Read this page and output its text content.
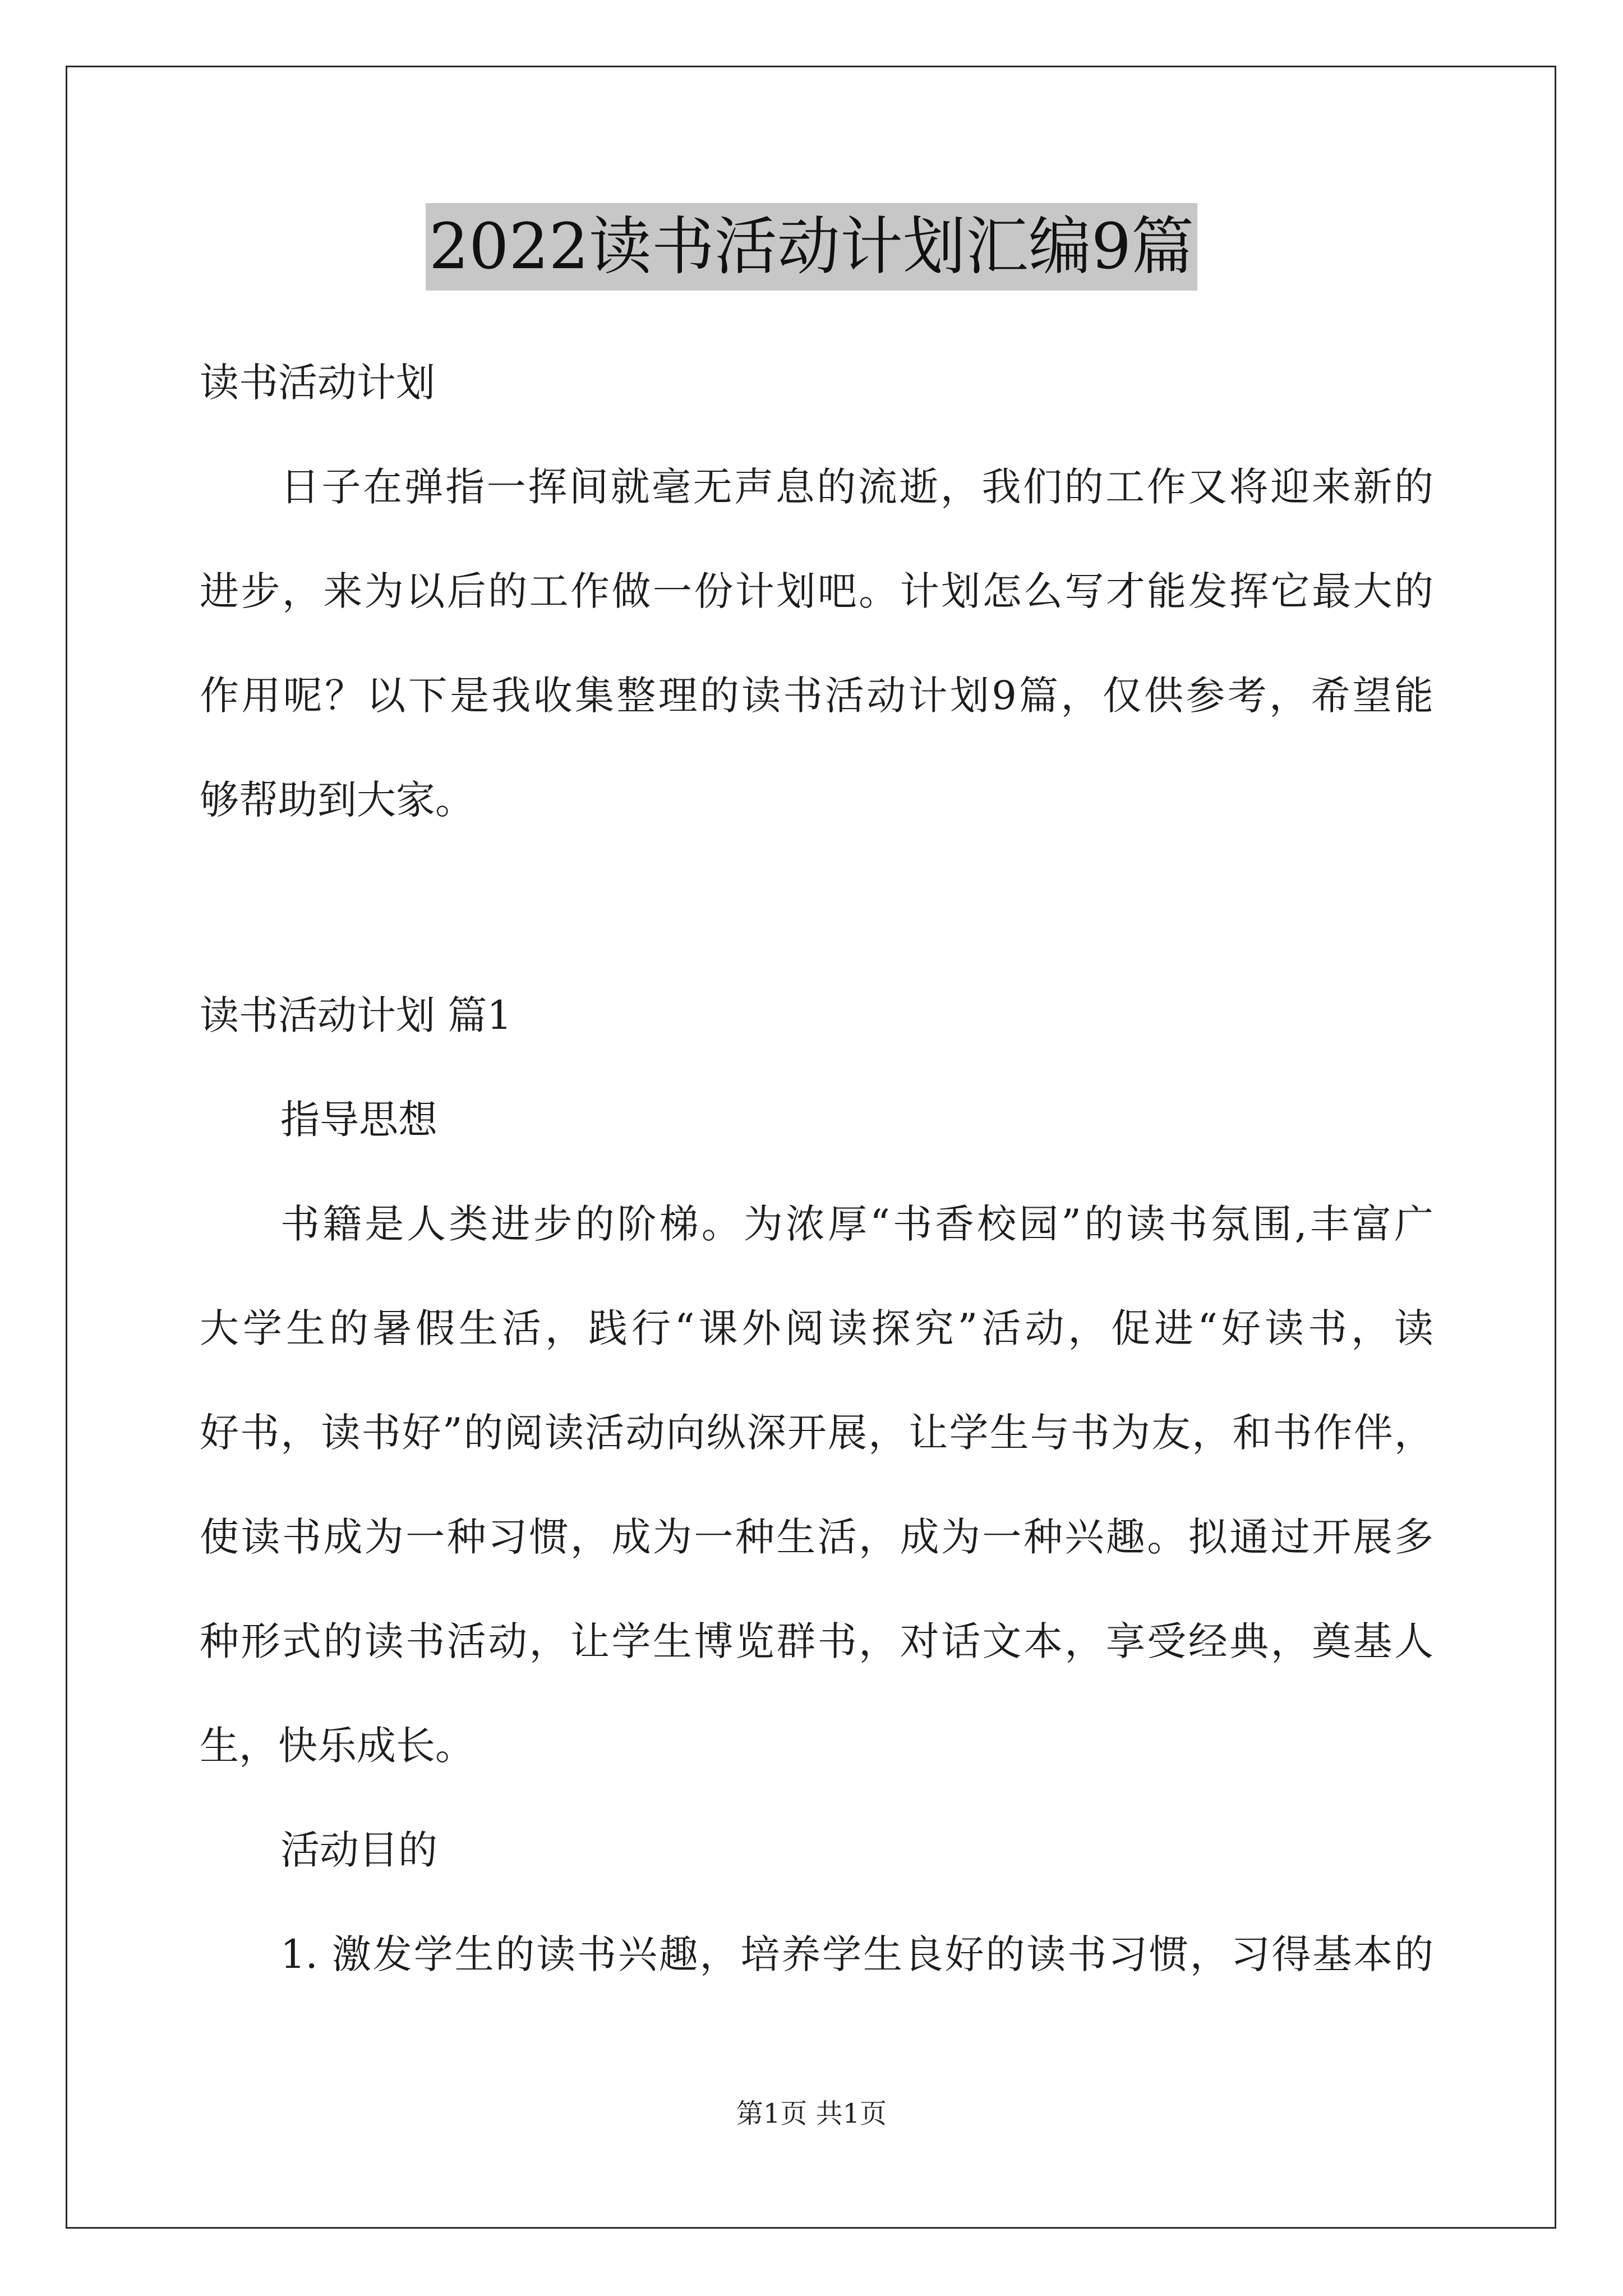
2022读书活动计划汇编9篇
读书活动计划
日子在弹指一挥间就毫无声息的流逝，我们的工作又将迎来新的
进步，来为以后的工作做一份计划吧。计划怎么写才能发挥它最大的
作用呢？以下是我收集整理的读书活动计划9篇，仅供参考，希望能
够帮助到大家。
读书活动计划 篇1
指导思想
书籍是人类进步的阶梯。为浓厚“书香校园”的读书氛围,丰富广
大学生的暑假生活，践行“课外阅读探究”活动，促进“好读书，读
好书，读书好”的阅读活动向纵深开展，让学生与书为友，和书作伴，
使读书成为一种习惯，成为一种生活，成为一种兴趣。拟通过开展多
种形式的读书活动，让学生博览群书，对话文本，享受经典，奠基人
生，快乐成长。
活动目的
1. 激发学生的读书兴趣，培养学生良好的读书习惯，习得基本的
第1页 共1页
